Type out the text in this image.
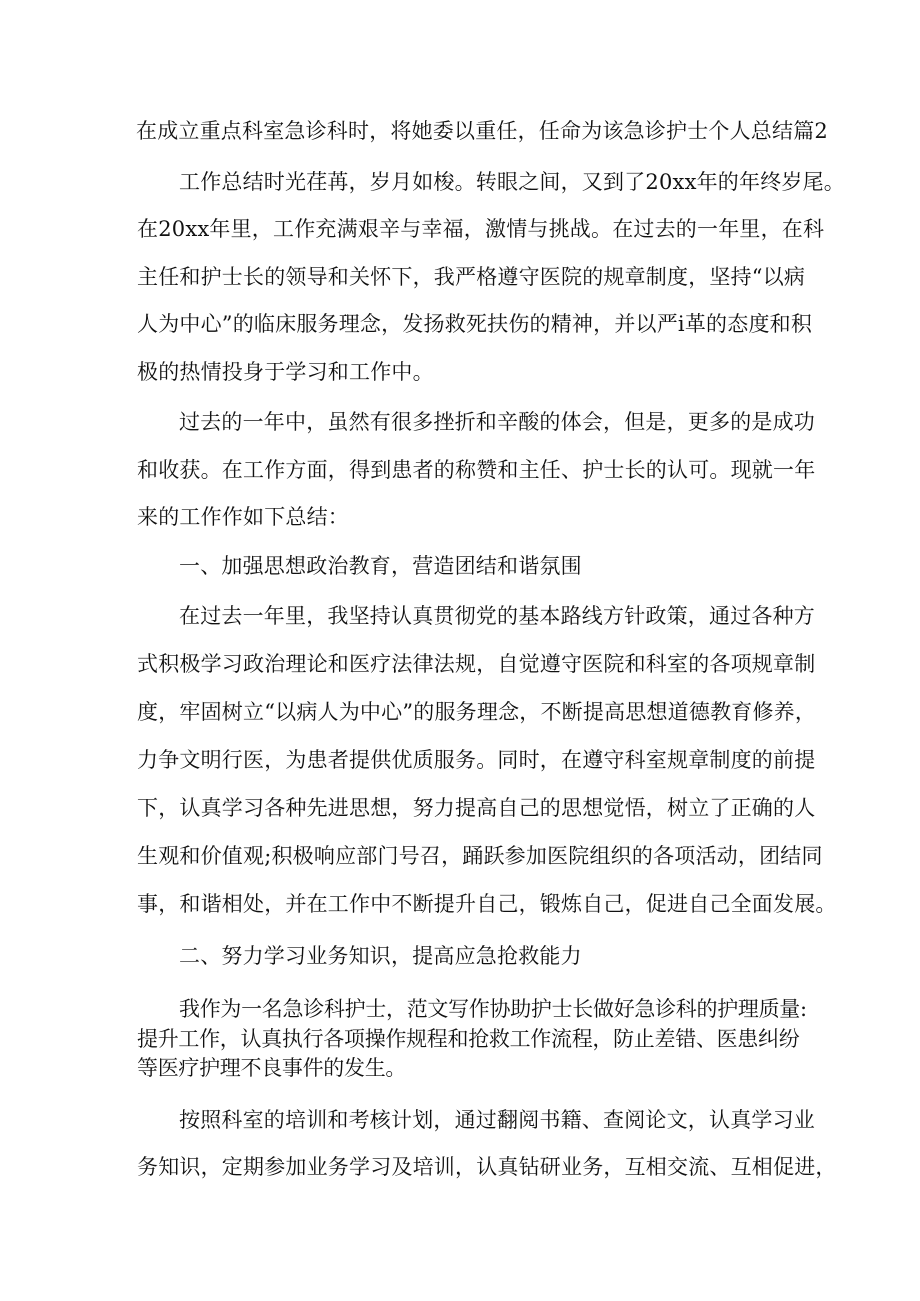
在成立重点科室急诊科时，将她委以重任，任命为该急诊护士个人总结篇2

工作总结时光荏苒，岁月如梭。转眼之间，又到了20xx年的年终岁尾。

在20xx年里，工作充满艰辛与幸福，激情与挑战。在过去的一年里，在科

主任和护士长的领导和关怀下，我严格遵守医院的规章制度，坚持“以病

人为中心”的临床服务理念，发扬救死扶伤的精神，并以严i革的态度和积

极的热情投身于学习和工作中。

过去的一年中，虽然有很多挫折和辛酸的体会，但是，更多的是成功

和收获。在工作方面，得到患者的称赞和主任、护士长的认可。现就一年

来的工作作如下总结：

一、加强思想政治教育，营造团结和谐氛围

在过去一年里，我坚持认真贯彻党的基本路线方针政策，通过各种方

式积极学习政治理论和医疗法律法规，自觉遵守医院和科室的各项规章制

度，牢固树立“以病人为中心”的服务理念，不断提高思想道德教育修养，

力争文明行医，为患者提供优质服务。同时，在遵守科室规章制度的前提

下，认真学习各种先进思想，努力提高自己的思想觉悟，树立了正确的人

生观和价值观;积极响应部门号召，踊跃参加医院组织的各项活动，团结同

事，和谐相处，并在工作中不断提升自己，锻炼自己，促进自己全面发展。

二、努力学习业务知识，提高应急抢救能力

我作为一名急诊科护士，范文写作协助护士长做好急诊科的护理质量:

提升工作，认真执行各项操作规程和抢救工作流程，防止差错、医患纠纷

等医疗护理不良事件的发生。

按照科室的培训和考核计划，通过翻阅书籍、查阅论文，认真学习业

务知识，定期参加业务学习及培训，认真钻研业务，互相交流、互相促进，
